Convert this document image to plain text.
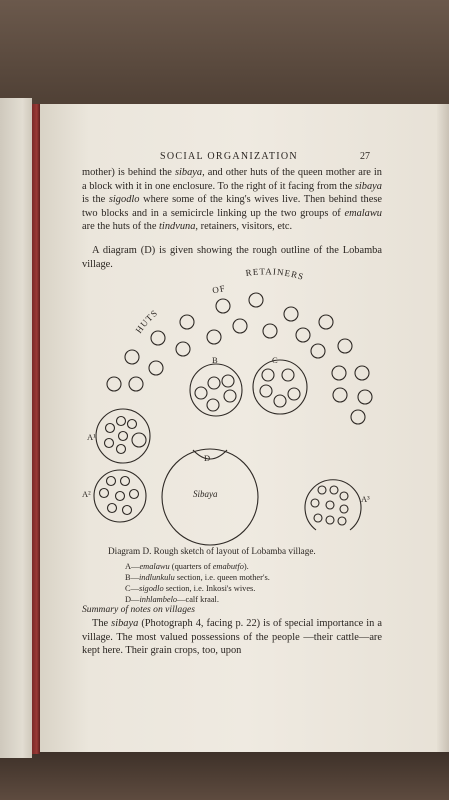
SOCIAL ORGANIZATION	27
mother) is behind the sibaya, and other huts of the queen mother are in a block with it in one enclosure. To the right of it facing from the sibaya is the sigodlo where some of the king's wives live. Then behind these two blocks and in a semicircle linking up the two groups of emalawu are the huts of the tindvuna, retainers, visitors, etc.
A diagram (D) is given showing the rough outline of the Lobamba village.
HUTS
OF
RETAINERS
B	C
A¹
A²
D
Sibaya	A³
Diagram D. Rough sketch of layout of Lobamba village.
A—emalawu (quarters of emabutfo).
B—indlunkulu section, i.e. queen mother's.
C—sigodlo section, i.e. Inkosi's wives.
D—inhlambelo—calf kraal.
Summary of notes on villages
The sibaya (Photograph 4, facing p. 22) is of special importance in a village. The most valued possessions of the people —their cattle—are kept here. Their grain crops, too, upon
